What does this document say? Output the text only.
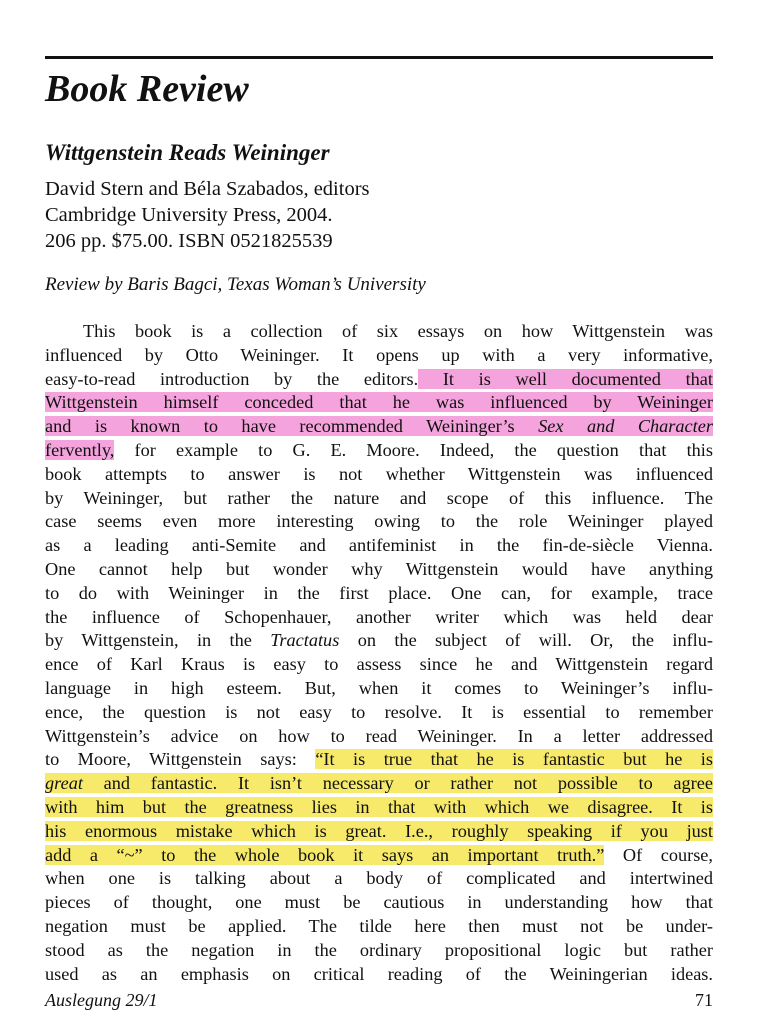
Book Review
Wittgenstein Reads Weininger
David Stern and Béla Szabados, editors
Cambridge University Press, 2004.
206 pp. $75.00. ISBN 0521825539
Review by Baris Bagci, Texas Woman’s University
This book is a collection of six essays on how Wittgenstein was
influenced by Otto Weininger. It opens up with a very informative,
easy-to-read introduction by the editors. It is well documented that
Wittgenstein himself conceded that he was influenced by Weininger
and is known to have recommended Weininger’s Sex and Character
fervently, for example to G. E. Moore. Indeed, the question that this
book attempts to answer is not whether Wittgenstein was influenced
by Weininger, but rather the nature and scope of this influence. The
case seems even more interesting owing to the role Weininger played
as a leading anti-Semite and antifeminist in the fin-de-siècle Vienna.
One cannot help but wonder why Wittgenstein would have anything
to do with Weininger in the first place. One can, for example, trace
the influence of Schopenhauer, another writer which was held dear
by Wittgenstein, in the Tractatus on the subject of will. Or, the influ-
ence of Karl Kraus is easy to assess since he and Wittgenstein regard
language in high esteem. But, when it comes to Weininger’s influ-
ence, the question is not easy to resolve. It is essential to remember
Wittgenstein’s advice on how to read Weininger. In a letter addressed
to Moore, Wittgenstein says: “It is true that he is fantastic but he is
great and fantastic. It isn’t necessary or rather not possible to agree
with him but the greatness lies in that with which we disagree. It is
his enormous mistake which is great. I.e., roughly speaking if you just
add a “~” to the whole book it says an important truth.” Of course,
when one is talking about a body of complicated and intertwined
pieces of thought, one must be cautious in understanding how that
negation must be applied. The tilde here then must not be under-
stood as the negation in the ordinary propositional logic but rather
used as an emphasis on critical reading of the Weiningerian ideas.
Auslegung 29/1	71
